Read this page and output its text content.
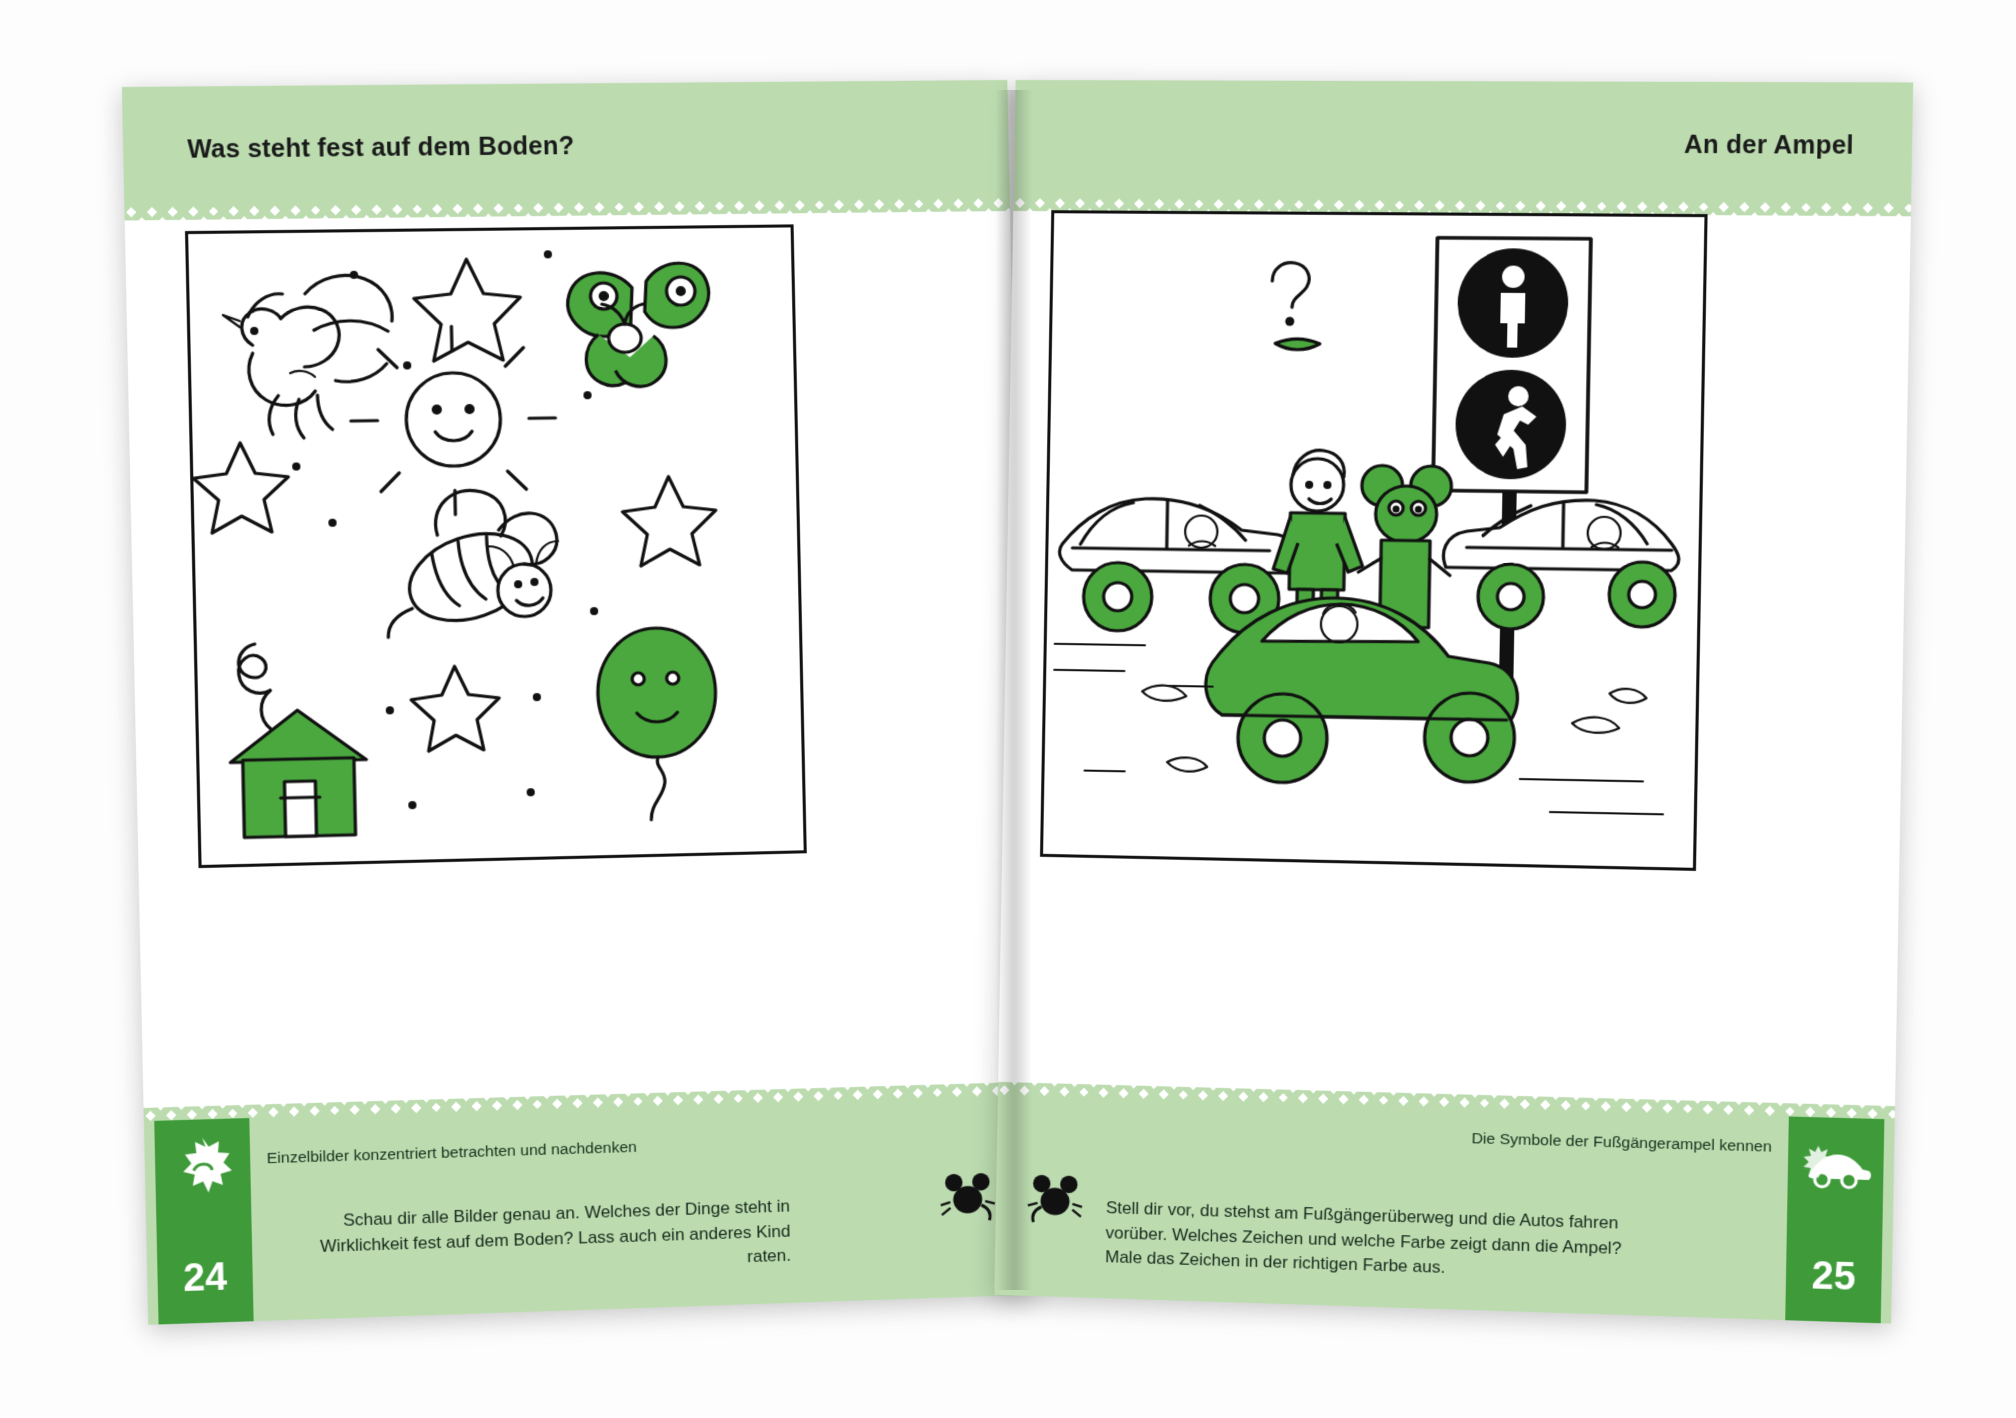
Was steht fest auf dem Boden?
24
Einzelbilder konzentriert betrachten und nachdenken
Schau dir alle Bilder genau an. Welches der Dinge steht in Wirklichkeit fest auf dem Boden? Lass auch ein anderes Kind raten.
An der Ampel
25
Die Symbole der Fußgängerampel kennen
Stell dir vor, du stehst am Fußgängerüberweg und die Autos fahren vorüber. Welches Zeichen und welche Farbe zeigt dann die Ampel? Male das Zeichen in der richtigen Farbe aus.
